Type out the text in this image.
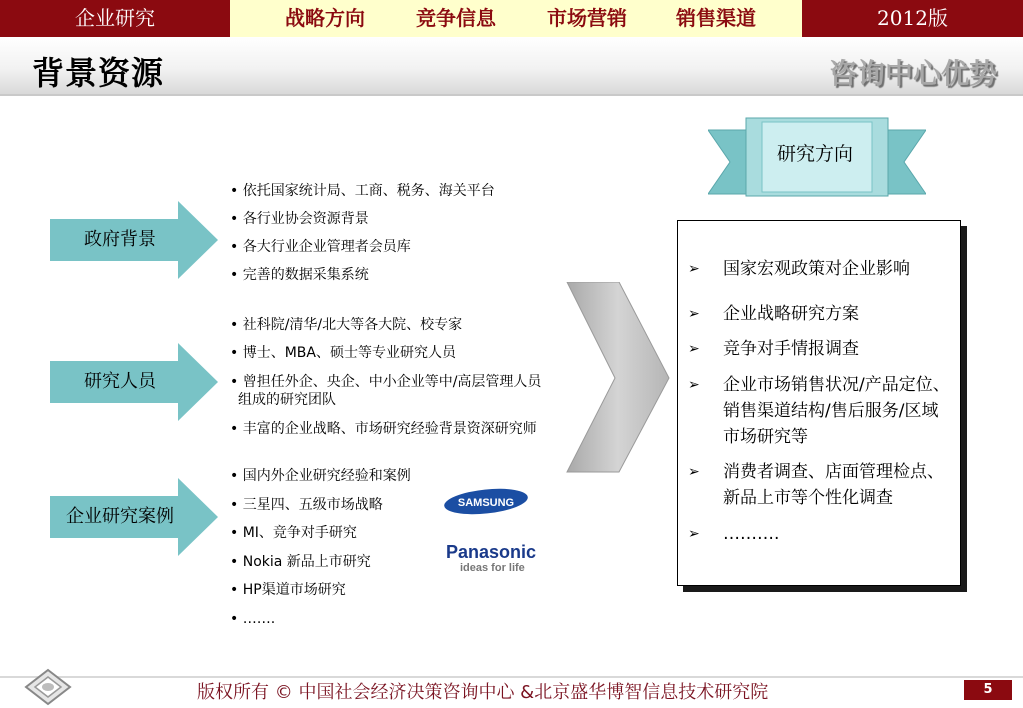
企业研究	战略方向	竞争信息	市场营销 销售渠道	2012版
背景资源	咨询中心优势
政府背景
• 依托国家统计局、工商、税务、海关平台
• 各行业协会资源背景
• 各大行业企业管理者会员库
• 完善的数据采集系统
研究人员
• 社科院/清华/北大等各大院、校专家
• 博士、MBA、硕士等专业研究人员
• 曾担任外企、央企、中小企业等中/高层管理人员
组成的研究团队
• 丰富的企业战略、市场研究经验背景资深研究师
企业研究案例
• 国内外企业研究经验和案例
• 三星四、五级市场战略
• MI、竞争对手研究
• Nokia 新品上市研究
• HP渠道市场研究
• …….
SAMSUNG
Panasonic
ideas for life
研究方向
➢ 国家宏观政策对企业影响
➢ 企业战略研究方案
➢ 竞争对手情报调查
➢ 企业市场销售状况/产品定位、
销售渠道结构/售后服务/区域
市场研究等
➢ 消费者调查、店面管理检点、
新品上市等个性化调查
➢ ……….
版权所有 © 中国社会经济决策咨询中心 &北京盛华博智信息技术研究院	5
